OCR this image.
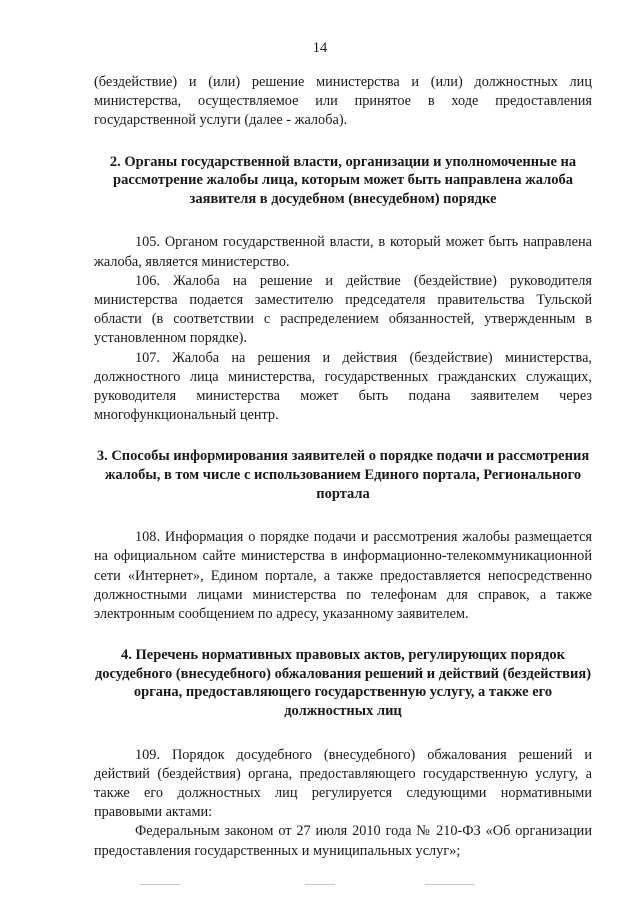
14

(бездействие) и (или) решение министерства и (или) должностных лиц министерства, осуществляемое или принятое в ходе предоставления государственной услуги (далее - жалоба).

2. Органы государственной власти, организации и уполномоченные на рассмотрение жалобы лица, которым может быть направлена жалоба заявителя в досудебном (внесудебном) порядке

105. Органом государственной власти, в который может быть направлена жалоба, является министерство.

106. Жалоба на решение и действие (бездействие) руководителя министерства подается заместителю председателя правительства Тульской области (в соответствии с распределением обязанностей, утвержденным в установленном порядке).

107. Жалоба на решения и действия (бездействие) министерства, должностного лица министерства, государственных гражданских служащих, руководителя министерства может быть подана заявителем через многофункциональный центр.

3. Способы информирования заявителей о порядке подачи и рассмотрения жалобы, в том числе с использованием Единого портала, Регионального портала

108. Информация о порядке подачи и рассмотрения жалобы размещается на официальном сайте министерства в информационно-телекоммуникационной сети «Интернет», Едином портале, а также предоставляется непосредственно должностными лицами министерства по телефонам для справок, а также электронным сообщением по адресу, указанному заявителем.

4. Перечень нормативных правовых актов, регулирующих порядок досудебного (внесудебного) обжалования решений и действий (бездействия) органа, предоставляющего государственную услугу, а также его должностных лиц

109. Порядок досудебного (внесудебного) обжалования решений и действий (бездействия) органа, предоставляющего государственную услугу, а также его должностных лиц регулируется следующими нормативными правовыми актами:

Федеральным законом от 27 июля 2010 года № 210-ФЗ «Об организации предоставления государственных и муниципальных услуг»;
